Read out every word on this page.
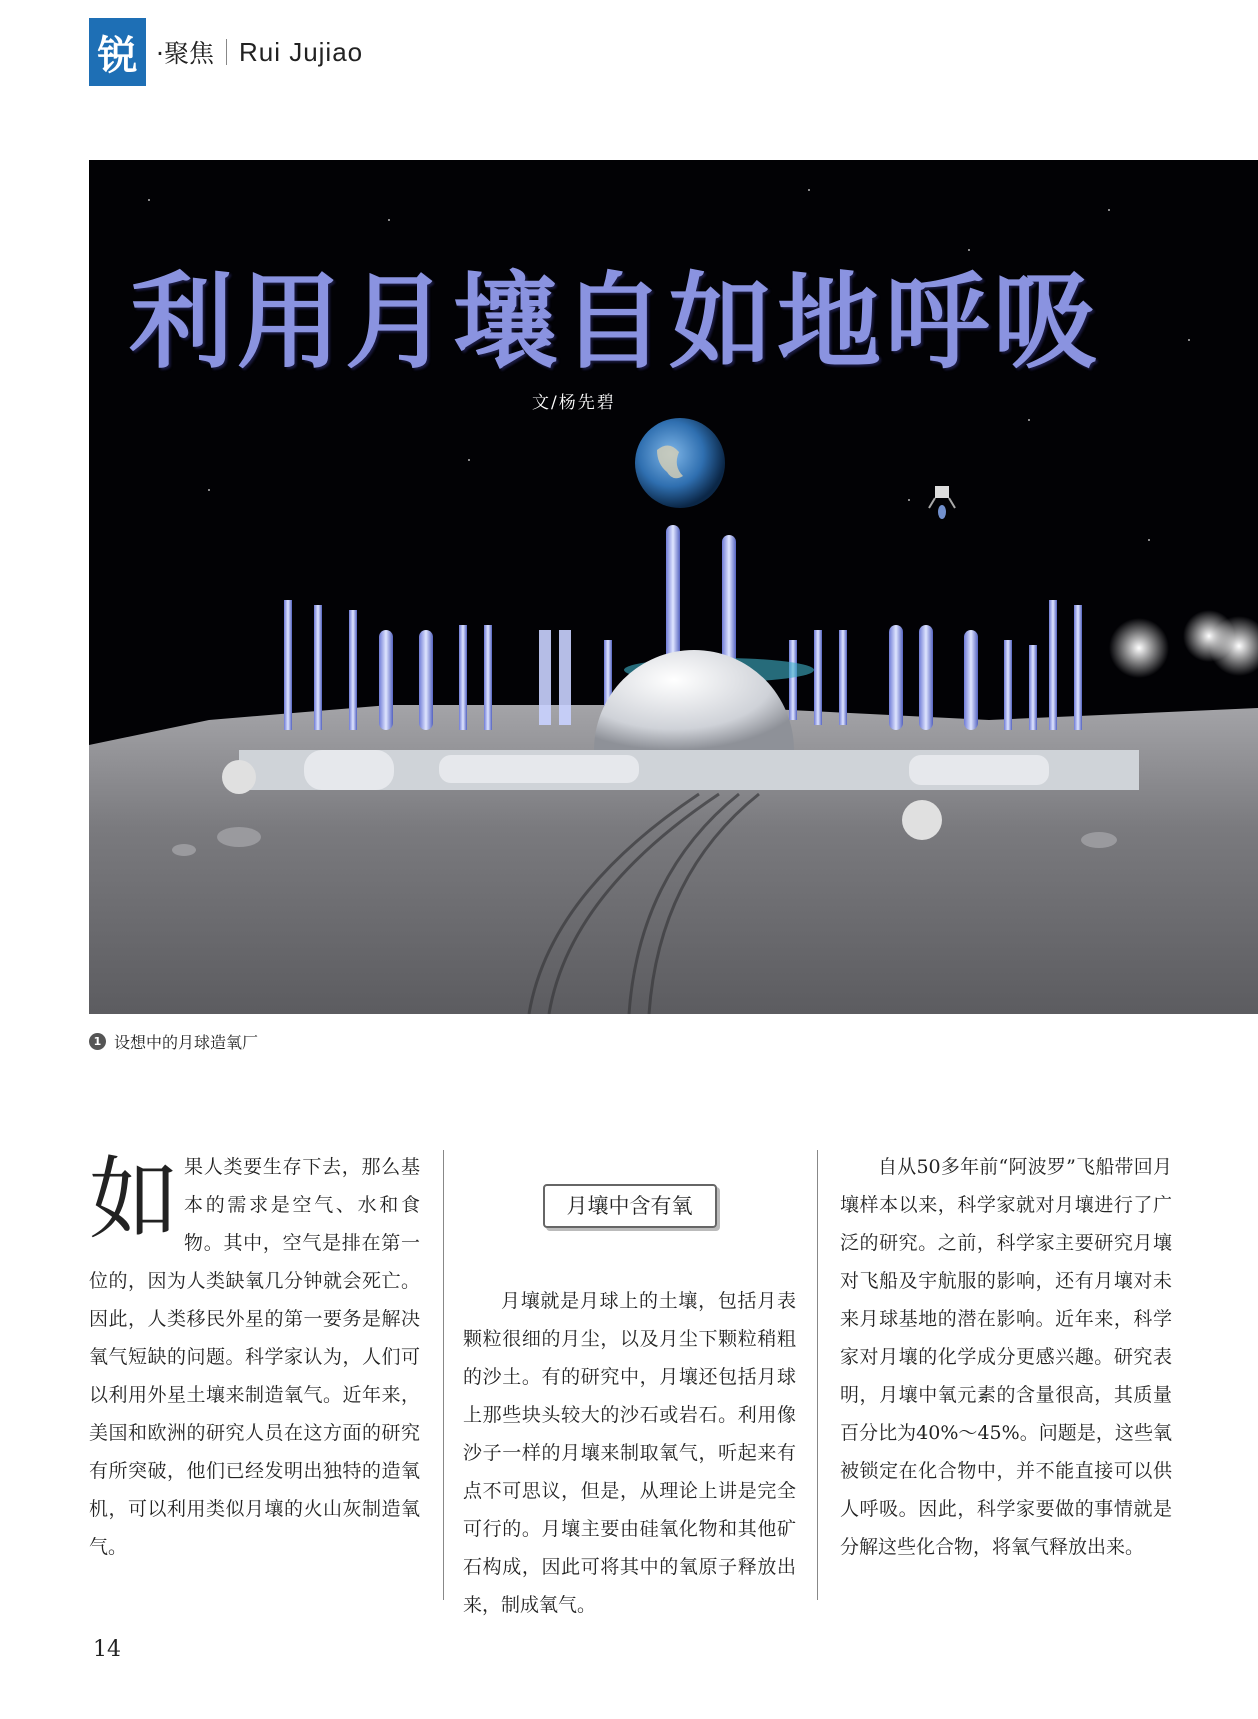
锐 ·聚焦 Rui Jujiao
利用月壤自如地呼吸
文/杨先碧
1 设想中的月球造氧厂
如 果人类要生存下去，那么基本的需求是空气、水和食物。其中，空气是排在第一位的，因为人类缺氧几分钟就会死亡。因此，人类移民外星的第一要务是解决氧气短缺的问题。科学家认为，人们可以利用外星土壤来制造氧气。近年来，美国和欧洲的研究人员在这方面的研究有所突破，他们已经发明出独特的造氧机，可以利用类似月壤的火山灰制造氧气。
月壤中含有氧

月壤就是月球上的土壤，包括月表颗粒很细的月尘，以及月尘下颗粒稍粗的沙土。有的研究中，月壤还包括月球上那些块头较大的沙石或岩石。利用像沙子一样的月壤来制取氧气，听起来有点不可思议，但是，从理论上讲是完全可行的。月壤主要由硅氧化物和其他矿石构成，因此可将其中的氧原子释放出来，制成氧气。

自从50多年前“阿波罗”飞船带回月壤样本以来，科学家就对月壤进行了广泛的研究。之前，科学家主要研究月壤对飞船及宇航服的影响，还有月壤对未来月球基地的潜在影响。近年来，科学家对月壤的化学成分更感兴趣。研究表明，月壤中氧元素的含量很高，其质量百分比为40%～45%。问题是，这些氧被锁定在化合物中，并不能直接可以供人呼吸。因此，科学家要做的事情就是分解这些化合物，将氧气释放出来。

14
